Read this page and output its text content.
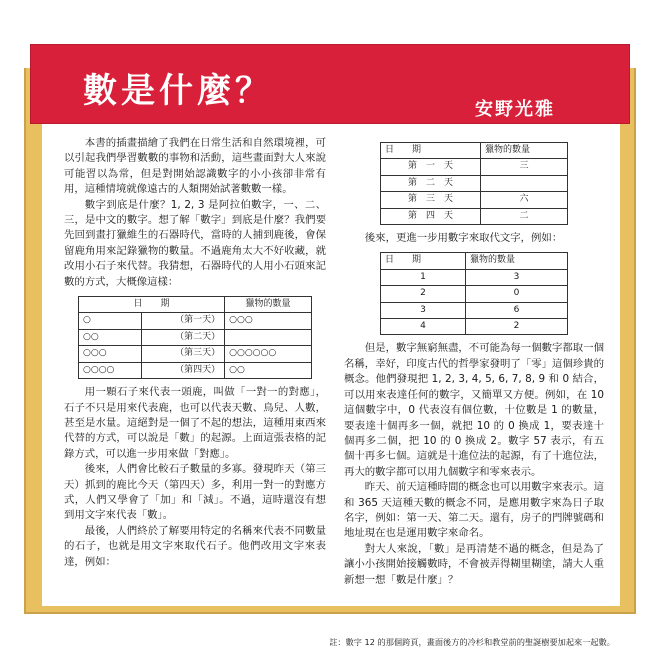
數是什麼？	安野光雅

本書的插畫描繪了我們在日常生活和自然環境裡，可以引起我們學習數數的事物和活動，這些畫面對大人來說可能習以為常，但是對開始認識數字的小小孩卻非常有用，這種情境就像遠古的人類開始試著數數一樣。

數字到底是什麼？1, 2, 3 是阿拉伯數字，一、二、三，是中文的數字。想了解「數字」到底是什麼？我們要先回到畫打獵維生的石器時代，當時的人捕到鹿後，會保留鹿角用來記錄獵物的數量。不過鹿角太大不好收藏，就改用小石子來代替。我猜想，石器時代的人用小石頭來記數的方式，大概像這樣：

日　　期		獵物的數量
○	（第一天）	○○○
○○	（第二天）	
○○○	（第三天）	○○○○○○
○○○○	（第四天）	○○

用一顆石子來代表一頭鹿，叫做「一對一的對應」，石子不只是用來代表鹿，也可以代表天數、鳥兒、人數，甚至是水量。這絕對是一個了不起的想法，這種用東西來代替的方式，可以說是「數」的起源。上面這張表格的記錄方式，可以進一步用來做「對應」。

後來，人們會比較石子數量的多寡。發現昨天（第三天）抓到的鹿比今天（第四天）多，利用一對一的對應方式，人們又學會了「加」和「減」。不過，這時還沒有想到用文字來代表「數」。

最後，人們終於了解要用特定的名稱來代表不同數量的石子，也就是用文字來取代石子。他們改用文字來表達，例如：

日　　期	獵物的數量
第　一　天	三
第　二　天	
第　三　天	六
第　四　天	二

後來，更進一步用數字來取代文字，例如：

日　　期	獵物的數量
1	3
2	0
3	6
4	2

但是，數字無窮無盡，不可能為每一個數字都取一個名稱，幸好，印度古代的哲學家發明了「零」這個珍貴的概念。他們發現把 1, 2, 3, 4, 5, 6, 7, 8, 9 和 0 結合，可以用來表達任何的數字，又簡單又方便。例如，在 10 這個數字中，0 代表沒有個位數，十位數是 1 的數量，要表達十個再多一個，就把 10 的 0 換成 1，要表達十個再多二個，把 10 的 0 換成 2。數字 57 表示，有五個十再多七個。這就是十進位法的起源，有了十進位法，再大的數字都可以用九個數字和零來表示。

昨天、前天這種時間的概念也可以用數字來表示。這和 365 天這種天數的概念不同，是應用數字來為日子取名字，例如：第一天、第二天。還有，房子的門牌號碼和地址現在也是運用數字來命名。

對大人來說，「數」是再清楚不過的概念，但是為了讓小小孩開始接觸數時，不會被弄得糊里糊塗，請大人重新想一想「數是什麼」？

註：數字 12 的那個跨頁，畫面後方的冷杉和教堂前的聖誕樹要加起來一起數。
